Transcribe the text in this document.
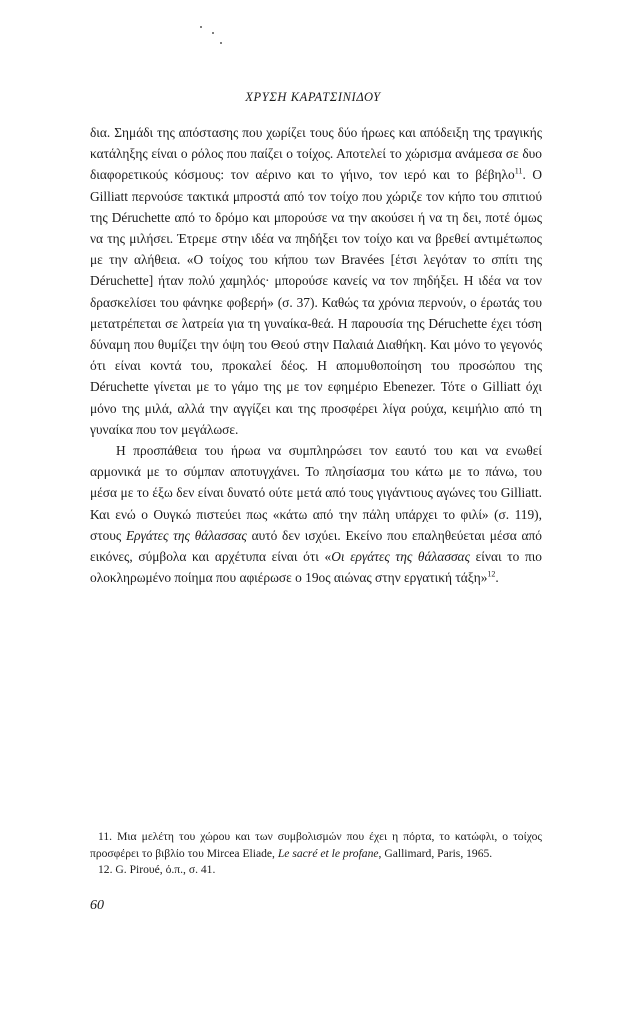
ΧΡΥΣΗ ΚΑΡΑΤΣΙΝΙΔΟΥ

δια. Σημάδι της απόστασης που χωρίζει τους δύο ήρωες και απόδειξη της τραγικής κατάληξης είναι ο ρόλος που παίζει ο τοίχος. Αποτελεί το χώρισμα ανάμεσα σε δυο διαφορετικούς κόσμους: τον αέρινο και το γήινο, τον ιερό και το βέβηλο$^{11}$. Ο Gilliatt περνούσε τακτικά μπροστά από τον τοίχο που χώριζε τον κήπο του σπιτιού της Déruchette από το δρόμο και μπορούσε να την ακούσει ή να τη δει, ποτέ όμως να της μιλήσει. Έτρεμε στην ιδέα να πηδήξει τον τοίχο και να βρεθεί αντιμέτωπος με την αλήθεια. «Ο τοίχος του κήπου των Bravées [έτσι λεγόταν το σπίτι της Déruchette] ήταν πολύ χαμηλός· μπορούσε κανείς να τον πηδήξει. Η ιδέα να τον δρασκελίσει του φάνηκε φοβερή» (σ. 37). Καθώς τα χρόνια περνούν, ο έρωτάς του μετατρέπεται σε λατρεία για τη γυναίκα-θεά. Η παρουσία της Déruchette έχει τόση δύναμη που θυμίζει την όψη του Θεού στην Παλαιά Διαθήκη. Και μόνο το γεγονός ότι είναι κοντά του, προκαλεί δέος. Η απομυθοποίηση του προσώπου της Déruchette γίνεται με το γάμο της με τον εφημέριο Ebenezer. Τότε ο Gilliatt όχι μόνο της μιλά, αλλά την αγγίζει και της προσφέρει λίγα ρούχα, κειμήλιο από τη γυναίκα που τον μεγάλωσε.

Η προσπάθεια του ήρωα να συμπληρώσει τον εαυτό του και να ενωθεί αρμονικά με το σύμπαν αποτυγχάνει. Το πλησίασμα του κάτω με το πάνω, του μέσα με το έξω δεν είναι δυνατό ούτε μετά από τους γιγάντιους αγώνες του Gilliatt. Και ενώ ο Ουγκώ πιστεύει πως «κάτω από την πάλη υπάρχει το φιλί» (σ. 119), στους Εργάτες της θάλασσας αυτό δεν ισχύει. Εκείνο που επαληθεύεται μέσα από εικόνες, σύμβολα και αρχέτυπα είναι ότι «Οι εργάτες της θάλασσας είναι το πιο ολοκληρωμένο ποίημα που αφιέρωσε ο 19ος αιώνας στην εργατική τάξη»$^{12}$.

11. Μια μελέτη του χώρου και των συμβολισμών που έχει η πόρτα, το κατώφλι, ο τοίχος προσφέρει το βιβλίο του Mircea Eliade, Le sacré et le profane, Gallimard, Paris, 1965.

12. G. Pirουé, ό.π., σ. 41.

60
